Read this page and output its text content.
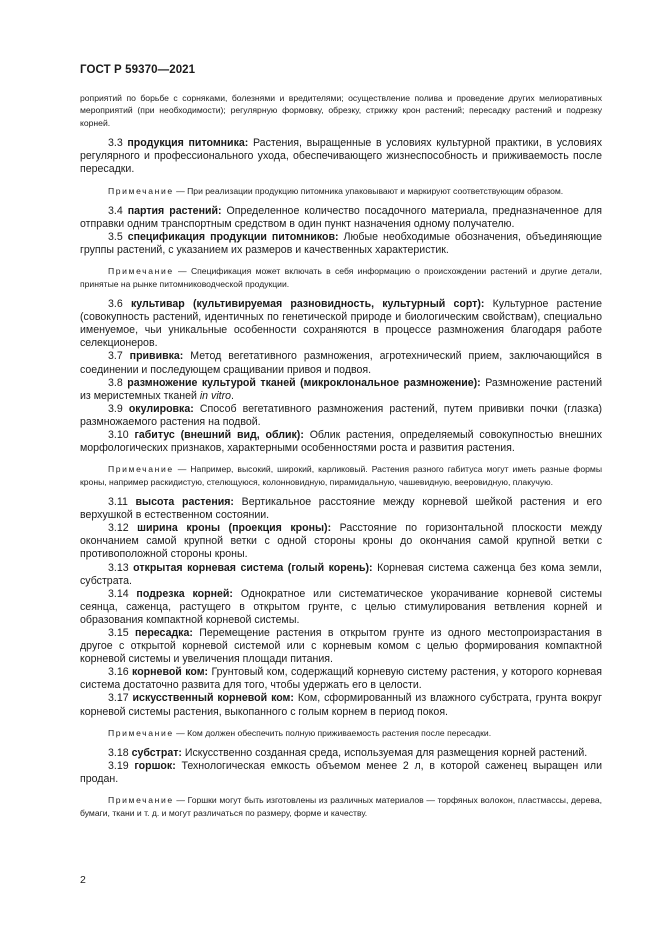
ГОСТ Р 59370—2021

роприятий по борьбе с сорняками, болезнями и вредителями; осуществление полива и проведение других мелиоративных мероприятий (при необходимости); регулярную формовку, обрезку, стрижку крон растений; пересадку растений и подрезку корней.

3.3 продукция питомника: Растения, выращенные в условиях культурной практики, в условиях регулярного и профессионального ухода, обеспечивающего жизнеспособность и приживаемость после пересадки.

Примечание — При реализации продукцию питомника упаковывают и маркируют соответствующим образом.

3.4 партия растений: Определенное количество посадочного материала, предназначенное для отправки одним транспортным средством в один пункт назначения одному получателю.

3.5 спецификация продукции питомников: Любые необходимые обозначения, объединяющие группы растений, с указанием их размеров и качественных характеристик.

Примечание — Спецификация может включать в себя информацию о происхождении растений и другие детали, принятые на рынке питомниководческой продукции.

3.6 культивар (культивируемая разновидность, культурный сорт): Культурное растение (совокупность растений, идентичных по генетической природе и биологическим свойствам), специально именуемое, чьи уникальные особенности сохраняются в процессе размножения благодаря работе селекционеров.

3.7 прививка: Метод вегетативного размножения, агротехнический прием, заключающийся в соединении и последующем сращивании привоя и подвоя.

3.8 размножение культурой тканей (микроклональное размножение): Размножение растений из меристемных тканей in vitro.

3.9 окулировка: Способ вегетативного размножения растений, путем прививки почки (глазка) размножаемого растения на подвой.

3.10 габитус (внешний вид, облик): Облик растения, определяемый совокупностью внешних морфологических признаков, характерными особенностями роста и развития растения.

Примечание — Например, высокий, широкий, карликовый. Растения разного габитуса могут иметь разные формы кроны, например раскидистую, стелющуюся, колонновидную, пирамидальную, чашевидную, веерoвидную, плакучую.

3.11 высота растения: Вертикальное расстояние между корневой шейкой растения и его верхушкой в естественном состоянии.

3.12 ширина кроны (проекция кроны): Расстояние по горизонтальной плоскости между окончанием самой крупной ветки с одной стороны кроны до окончания самой крупной ветки с противоположной стороны кроны.

3.13 открытая корневая система (голый корень): Корневая система саженца без кома земли, субстрата.

3.14 подрезка корней: Однократное или систематическое укорачивание корневой системы сеянца, саженца, растущего в открытом грунте, с целью стимулирования ветвления корней и образования компактной корневой системы.

3.15 пересадка: Перемещение растения в открытом грунте из одного местопроизрастания в другое с открытой корневой системой или с корневым комом с целью формирования компактной корневой системы и увеличения площади питания.

3.16 корневой ком: Грунтовый ком, содержащий корневую систему растения, у которого корневая система достаточно развита для того, чтобы удержать его в целости.

3.17 искусственный корневой ком: Ком, сформированный из влажного субстрата, грунта вокруг корневой системы растения, выкопанного с голым корнем в период покоя.

Примечание — Ком должен обеспечить полную приживаемость растения после пересадки.

3.18 субстрат: Искусственно созданная среда, используемая для размещения корней растений.

3.19 горшок: Технологическая емкость объемом менее 2 л, в которой саженец выращен или продан.

Примечание — Горшки могут быть изготовлены из различных материалов — торфяных волокон, пластмассы, дерева, бумаги, ткани и т. д. и могут различаться по размеру, форме и качеству.

2
